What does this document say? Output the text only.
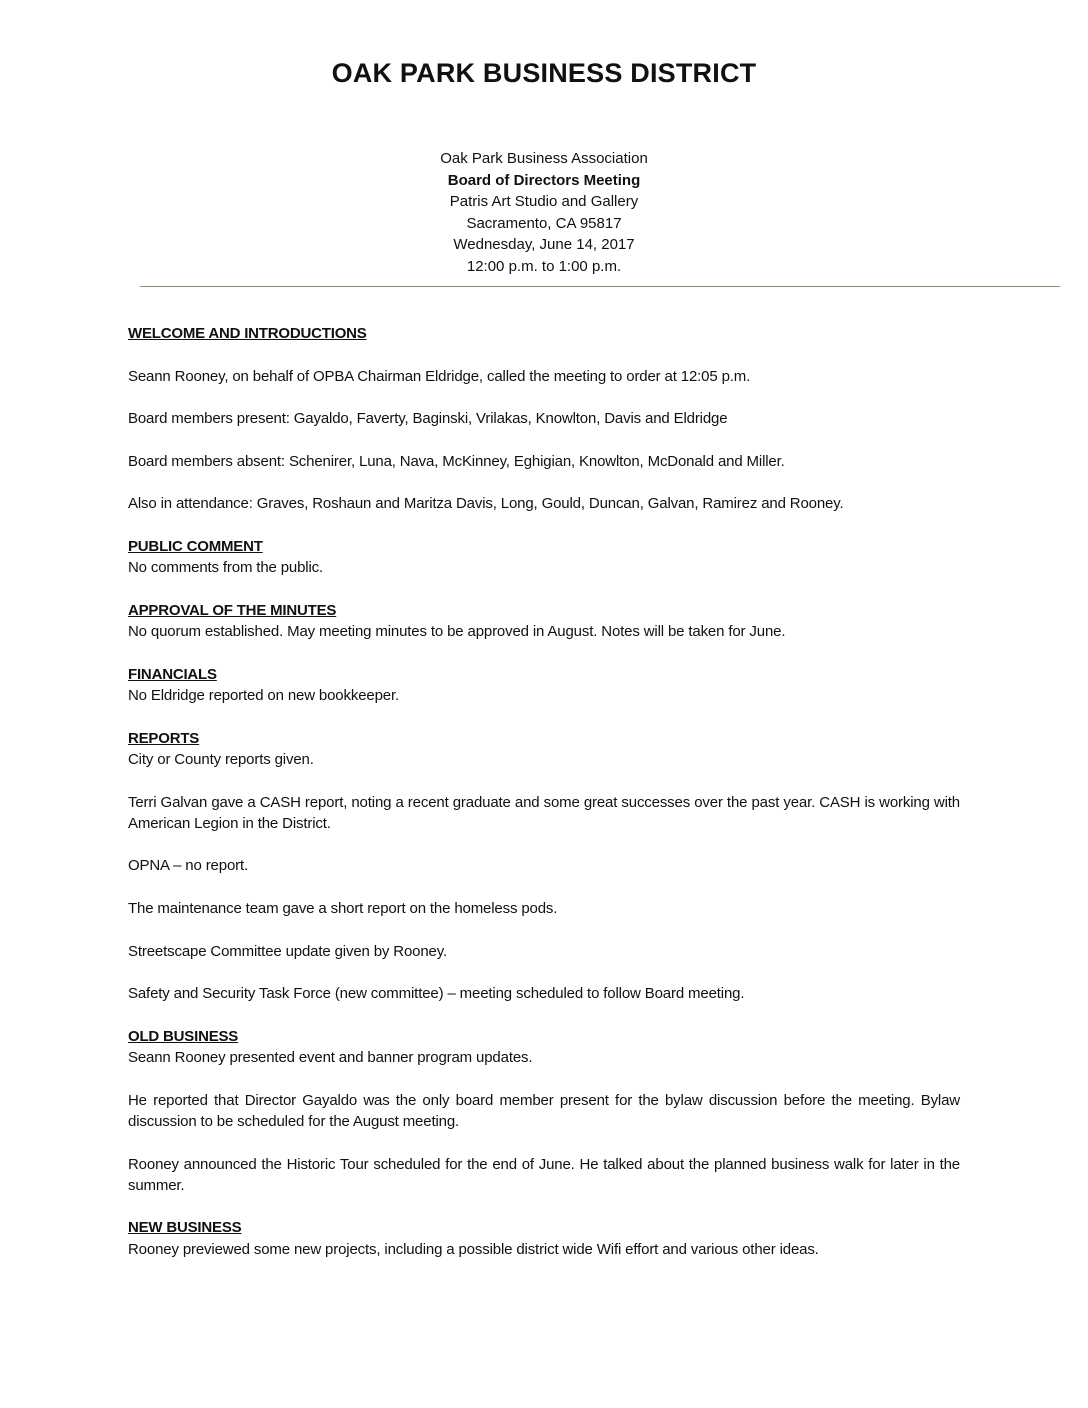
OAK PARK BUSINESS DISTRICT
Oak Park Business Association
Board of Directors Meeting
Patris Art Studio and Gallery
Sacramento, CA 95817
Wednesday, June 14, 2017
12:00 p.m. to 1:00 p.m.
WELCOME AND INTRODUCTIONS

Seann Rooney, on behalf of OPBA Chairman Eldridge, called the meeting to order at 12:05 p.m.

Board members present: Gayaldo, Faverty, Baginski, Vrilakas, Knowlton, Davis and Eldridge

Board members absent: Schenirer, Luna, Nava, McKinney, Eghigian, Knowlton, McDonald and Miller.

Also in attendance: Graves, Roshaun and Maritza Davis, Long, Gould, Duncan, Galvan, Ramirez and Rooney.

PUBLIC COMMENT

No comments from the public.

APPROVAL OF THE MINUTES

No quorum established. May meeting minutes to be approved in August. Notes will be taken for June.

FINANCIALS

No Eldridge reported on new bookkeeper.

REPORTS

City or County reports given.

Terri Galvan gave a CASH report, noting a recent graduate and some great successes over the past year. CASH is working with American Legion in the District.

OPNA – no report.

The maintenance team gave a short report on the homeless pods.

Streetscape Committee update given by Rooney.

Safety and Security Task Force (new committee) – meeting scheduled to follow Board meeting.

OLD BUSINESS

Seann Rooney presented event and banner program updates.

He reported that Director Gayaldo was the only board member present for the bylaw discussion before the meeting. Bylaw discussion to be scheduled for the August meeting.

Rooney announced the Historic Tour scheduled for the end of June. He talked about the planned business walk for later in the summer.

NEW BUSINESS

Rooney previewed some new projects, including a possible district wide Wifi effort and various other ideas.
